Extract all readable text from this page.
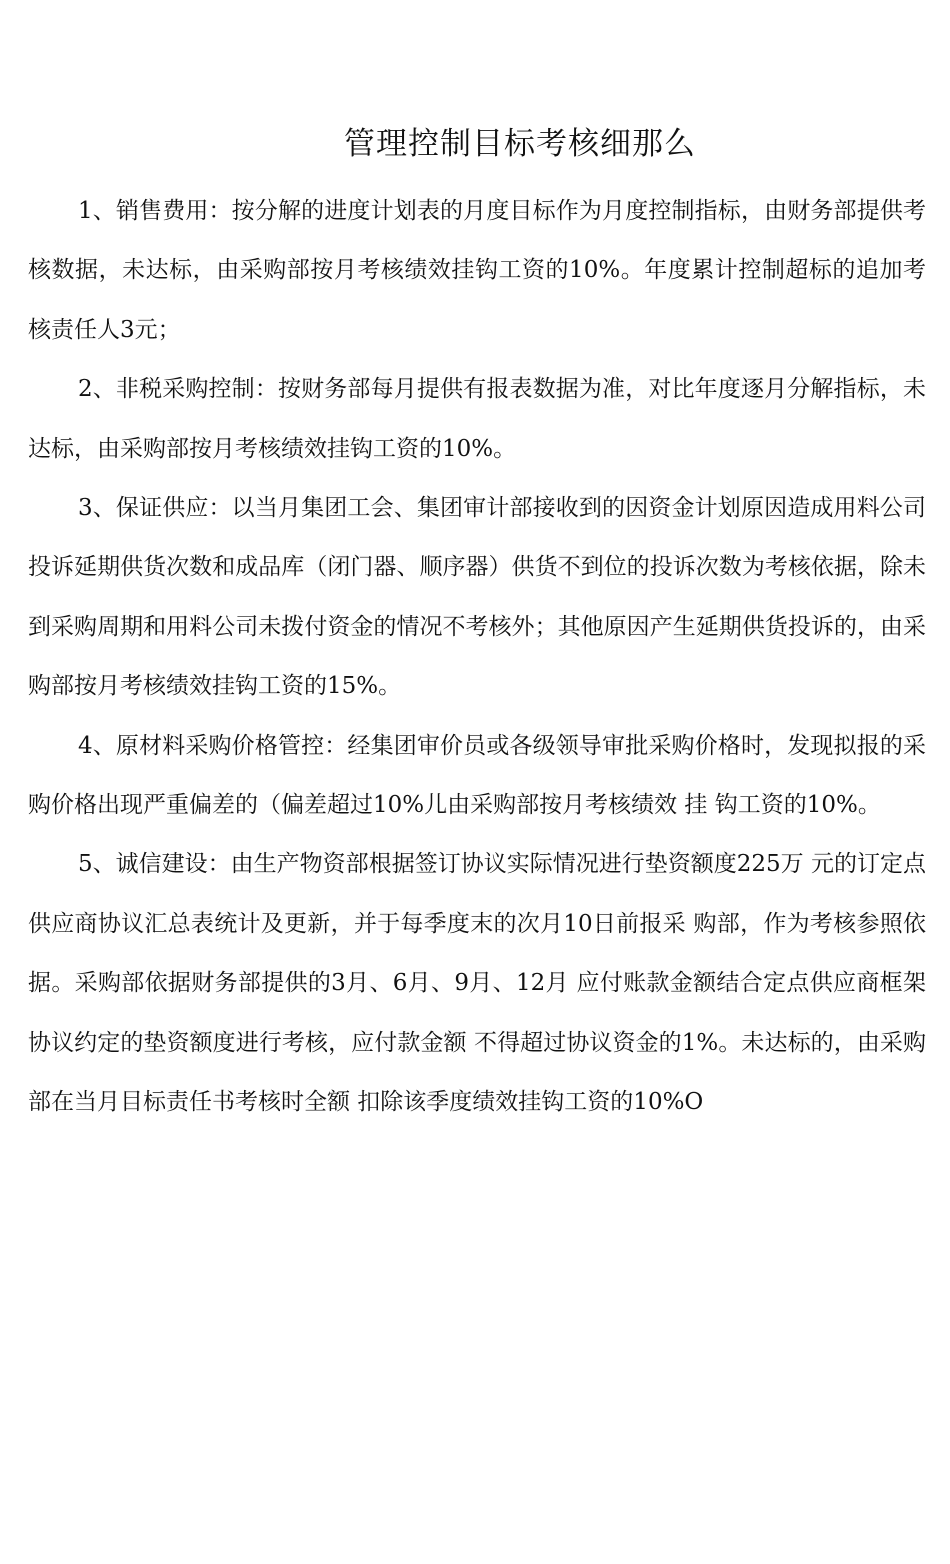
管理控制目标考核细那么

1、销售费用：按分解的进度计划表的月度目标作为月度控制指标，由财务部提供考核数据，未达标，由采购部按月考核绩效挂钩工资的10%。年度累计控制超标的追加考核责任人3元；

2、非税采购控制：按财务部每月提供有报表数据为准，对比年度逐月分解指标，未达标，由采购部按月考核绩效挂钩工资的10%。

3、保证供应：以当月集团工会、集团审计部接收到的因资金计划原因造成用料公司投诉延期供货次数和成品库（闭门器、顺序器）供货不到位的投诉次数为考核依据，除未到采购周期和用料公司未拨付资金的情况不考核外；其他原因产生延期供货投诉的，由采购部按月考核绩效挂钩工资的15%。

4、原材料采购价格管控：经集团审价员或各级领导审批采购价格时，发现拟报的采购价格出现严重偏差的（偏差超过10%儿由采购部按月考核绩效 挂 钩工资的10%。

5、诚信建设：由生产物资部根据签订协议实际情况进行垫资额度225万 元的订定点供应商协议汇总表统计及更新，并于每季度末的次月10日前报采 购部，作为考核参照依据。采购部依据财务部提供的3月、6月、9月、12月 应付账款金额结合定点供应商框架协议约定的垫资额度进行考核，应付款金额 不得超过协议资金的1%。未达标的，由采购部在当月目标责任书考核时全额 扣除该季度绩效挂钩工资的10%O
